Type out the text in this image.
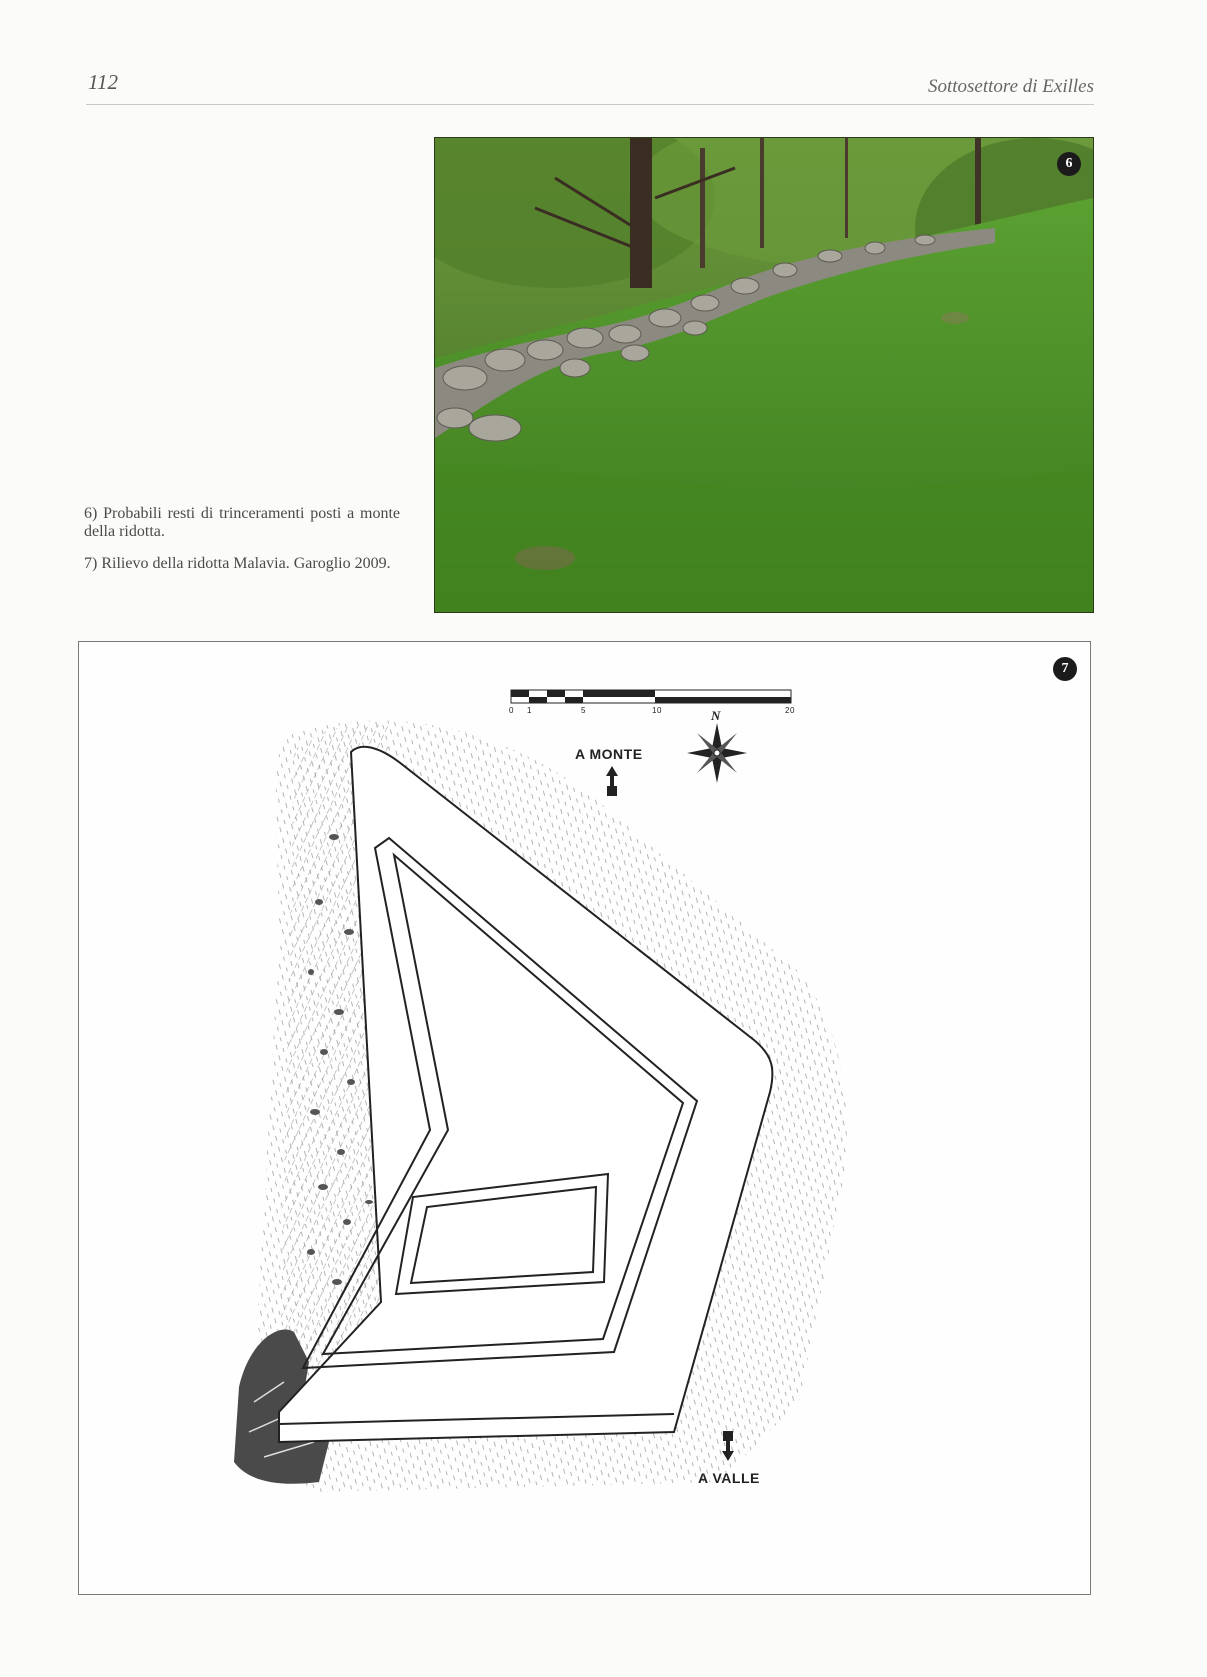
112	Sottosettore di Exilles

6) Probabili resti di trinceramenti posti a monte della ridotta.

7) Rilievo della ridotta Malavia. Garoglio 2009.

6
7
0 1	5	10	20
N
A MONTE
A VALLE
